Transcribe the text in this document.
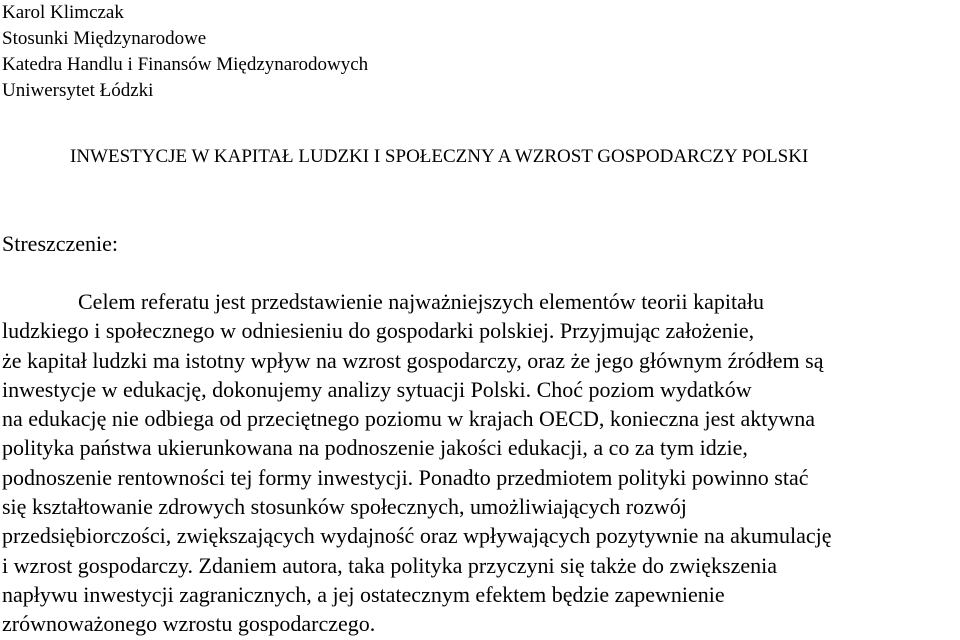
Karol Klimczak
Stosunki Międzynarodowe
Katedra Handlu i Finansów Międzynarodowych
Uniwersytet Łódzki
INWESTYCJE W KAPITAŁ LUDZKI I SPOŁECZNY A WZROST GOSPODARCZY POLSKI
Streszczenie:

Celem referatu jest przedstawienie najważniejszych elementów teorii kapitału
ludzkiego i społecznego w odniesieniu do gospodarki polskiej. Przyjmując założenie,
że kapitał ludzki ma istotny wpływ na wzrost gospodarczy, oraz że jego głównym źródłem są
inwestycje w edukację, dokonujemy analizy sytuacji Polski. Choć poziom wydatków
na edukację nie odbiega od przeciętnego poziomu w krajach OECD, konieczna jest aktywna
polityka państwa ukierunkowana na podnoszenie jakości edukacji, a co za tym idzie,
podnoszenie rentowności tej formy inwestycji. Ponadto przedmiotem polityki powinno stać
się kształtowanie zdrowych stosunków społecznych, umożliwiających rozwój
przedsiębiorczości, zwiększających wydajność oraz wpływających pozytywnie na akumulację
i wzrost gospodarczy. Zdaniem autora, taka polityka przyczyni się także do zwiększenia
napływu inwestycji zagranicznych, a jej ostatecznym efektem będzie zapewnienie
zrównoważonego wzrostu gospodarczego.
